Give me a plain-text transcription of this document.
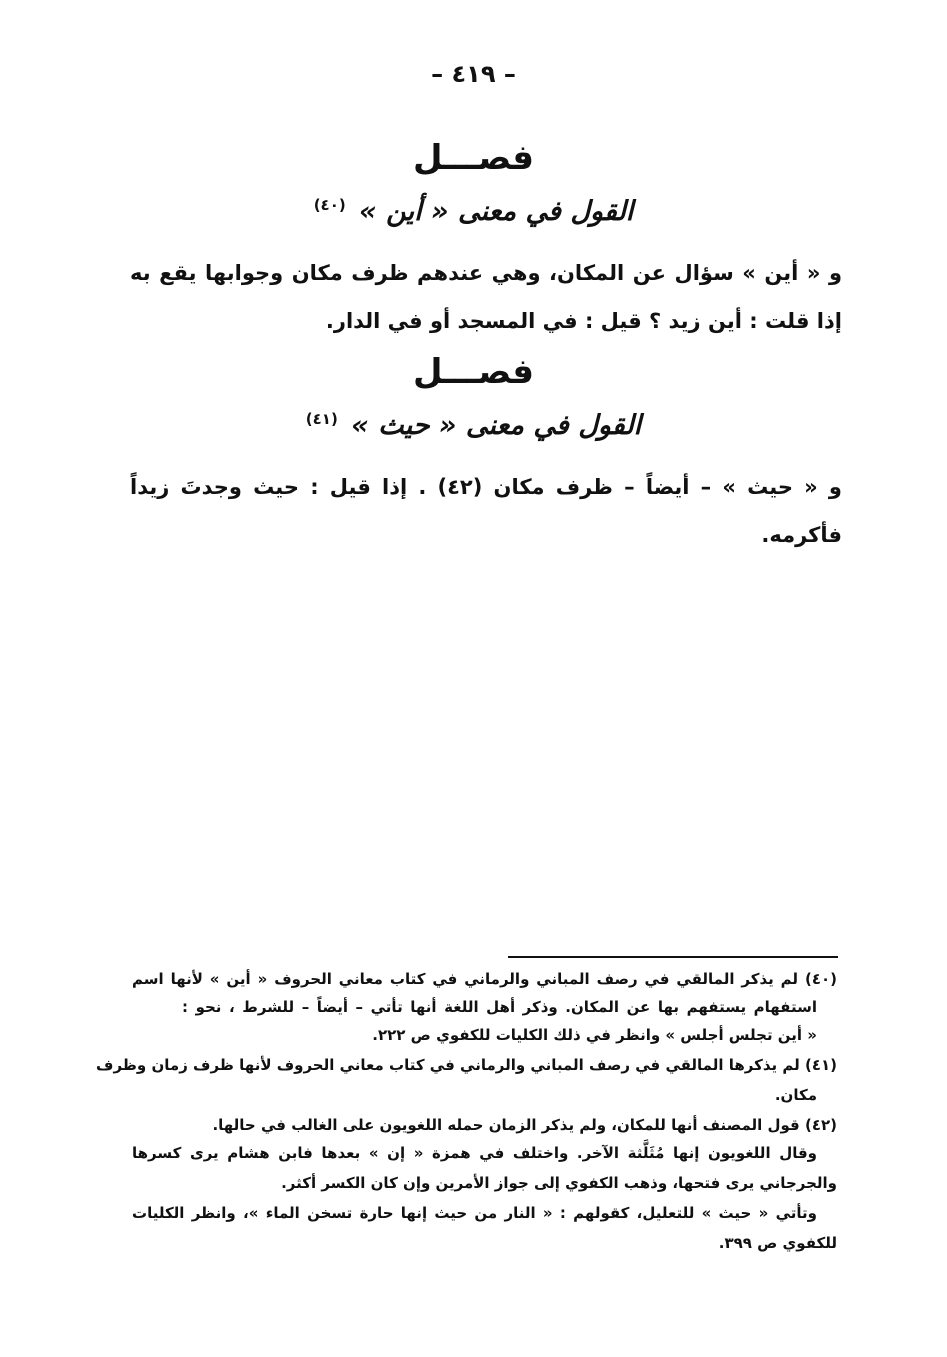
– ٤١٩ –
فصـــل
القول في معنى « أين » $^{(٤٠)}$
و « أين » سؤال عن المكان، وهي عندهم ظرف مكان وجوابها يقع به
إذا قلت : أين زيد ؟ قيل : في المسجد أو في الدار.
فصـــل
القول في معنى « حيث » $^{(٤١)}$
و « حيث » – أيضاً – ظرف مكان (٤٢) . إذا قيل : حيث وجدتَ زيداً
فأكرمه.
(٤٠) لم يذكر المالقي في رصف المباني والرماني في كتاب معاني الحروف « أين » لأنها اسم
استفهام يستفهم بها عن المكان. وذكر أهل اللغة أنها تأتي – أيضاً – للشرط ، نحو :
« أين تجلس أجلس » وانظر في ذلك الكليات للكفوي ص ٢٢٢.
(٤١) لم يذكرها المالقي في رصف المباني والرماني في كتاب معاني الحروف لأنها ظرف زمان وظرف
مكان.
(٤٢) قول المصنف أنها للمكان، ولم يذكر الزمان حمله اللغويون على الغالب في حالها.
وقال اللغويون إنها مُثَلَّثة الآخر. واختلف في همزة « إن » بعدها فابن هشام يرى كسرها
والجرجاني يرى فتحها، وذهب الكفوي إلى جواز الأمرين وإن كان الكسر أكثر.
وتأتي « حيث » للتعليل، كقولهم : « النار من حيث إنها حارة تسخن الماء »، وانظر الكليات
للكفوي ص ٣٩٩.
